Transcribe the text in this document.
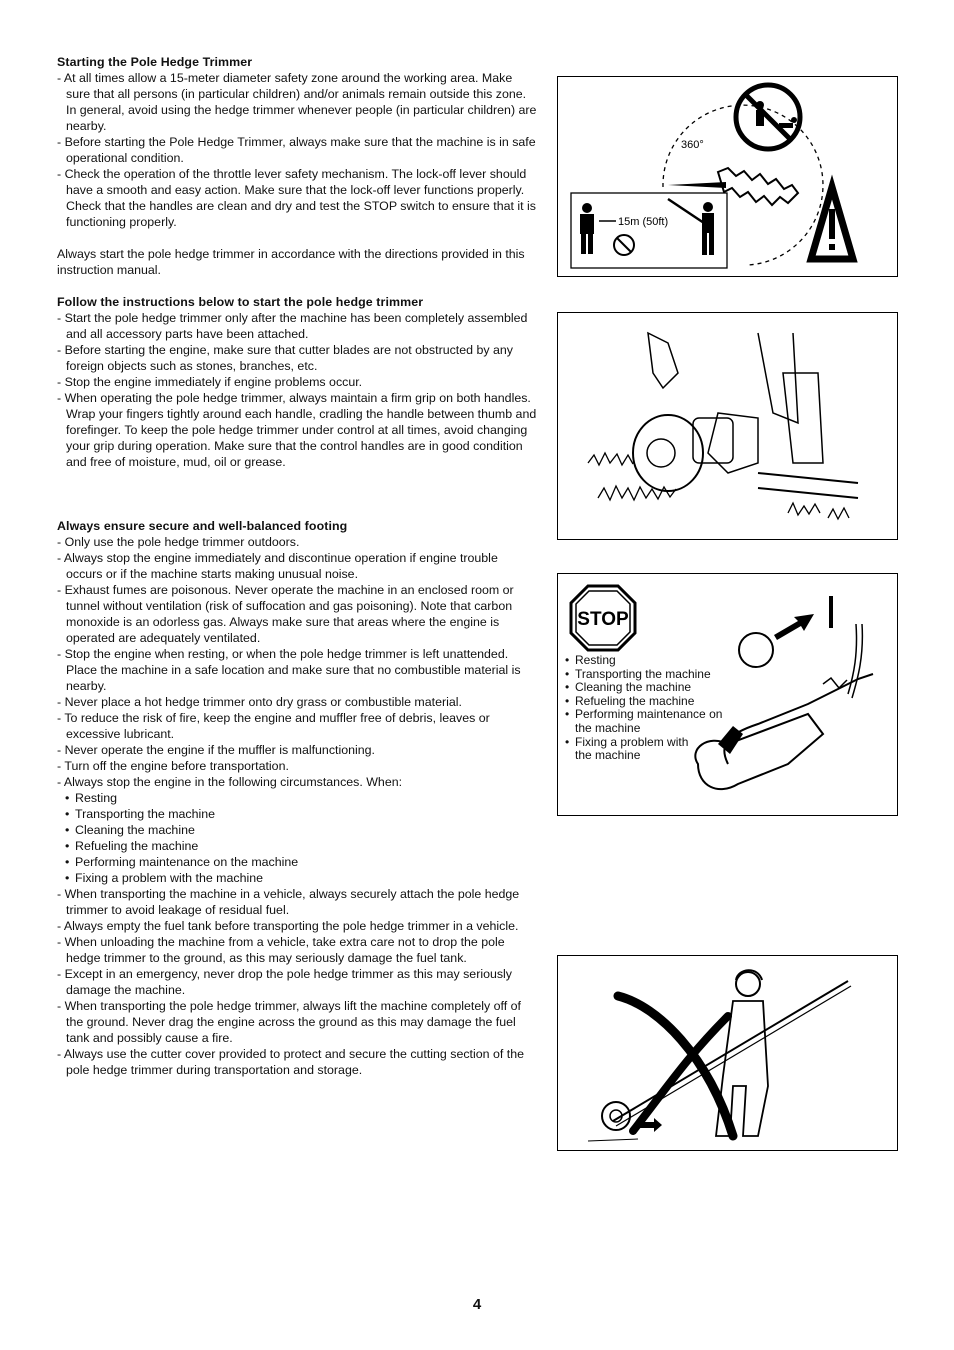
Starting the Pole Hedge Trimmer

- At all times allow a 15-meter diameter safety zone around the working area. Make sure that all persons (in particular children) and/or animals remain outside this zone. In general, avoid using the hedge trimmer whenever people (in particular children) are nearby.

- Before starting the Pole Hedge Trimmer, always make sure that the machine is in safe operational condition.

- Check the operation of the throttle lever safety mechanism. The lock-off lever should have a smooth and easy action. Make sure that the lock-off lever functions properly. Check that the handles are clean and dry and test the STOP switch to ensure that it is functioning properly.

Always start the pole hedge trimmer in accordance with the directions provided in this instruction manual.

Follow the instructions below to start the pole hedge trimmer

- Start the pole hedge trimmer only after the machine has been completely assembled and all accessory parts have been attached.

- Before starting the engine, make sure that cutter blades are not obstructed by any foreign objects such as stones, branches, etc.

- Stop the engine immediately if engine problems occur.

- When operating the pole hedge trimmer, always maintain a firm grip on both handles. Wrap your fingers tightly around each handle, cradling the handle between thumb and forefinger. To keep the pole hedge trimmer under control at all times, avoid changing your grip during operation. Make sure that the control handles are in good condition and free of moisture, mud, oil or grease.

Always ensure secure and well-balanced footing

- Only use the pole hedge trimmer outdoors.

- Always stop the engine immediately and discontinue operation if engine trouble occurs or if the machine starts making unusual noise.

- Exhaust fumes are poisonous. Never operate the machine in an enclosed room or tunnel without ventilation (risk of suffocation and gas poisoning). Note that carbon monoxide is an odorless gas. Always make sure that areas where the engine is operated are adequately ventilated.

- Stop the engine when resting, or when the pole hedge trimmer is left unattended. Place the machine in a safe location and make sure that no combustible material is nearby.

- Never place a hot hedge trimmer onto dry grass or combustible material.

- To reduce the risk of fire, keep the engine and muffler free of debris, leaves or excessive lubricant.

- Never operate the engine if the muffler is malfunctioning.

- Turn off the engine before transportation.

- Always stop the engine in the following circumstances. When:

• Resting

• Transporting the machine

• Cleaning the machine

• Refueling the machine

• Performing maintenance on the machine

• Fixing a problem with the machine

- When transporting the machine in a vehicle, always securely attach the pole hedge trimmer to avoid leakage of residual fuel.

- Always empty the fuel tank before transporting the pole hedge trimmer in a vehicle.

- When unloading the machine from a vehicle, take extra care not to drop the pole hedge trimmer to the ground, as this may seriously damage the fuel tank.

- Except in an emergency, never drop the pole hedge trimmer as this may seriously damage the machine.

- When transporting the pole hedge trimmer, always lift the machine completely off of the ground. Never drag the engine across the ground as this may damage the fuel tank and possibly cause a fire.

- Always use the cutter cover provided to protect and secure the cutting section of the pole hedge trimmer during transportation and storage.

360°
15m (50ft)
STOP
• Resting
• Transporting the machine
• Cleaning the machine
• Refueling the machine
• Performing maintenance on the machine
• Fixing a problem with the machine
4
